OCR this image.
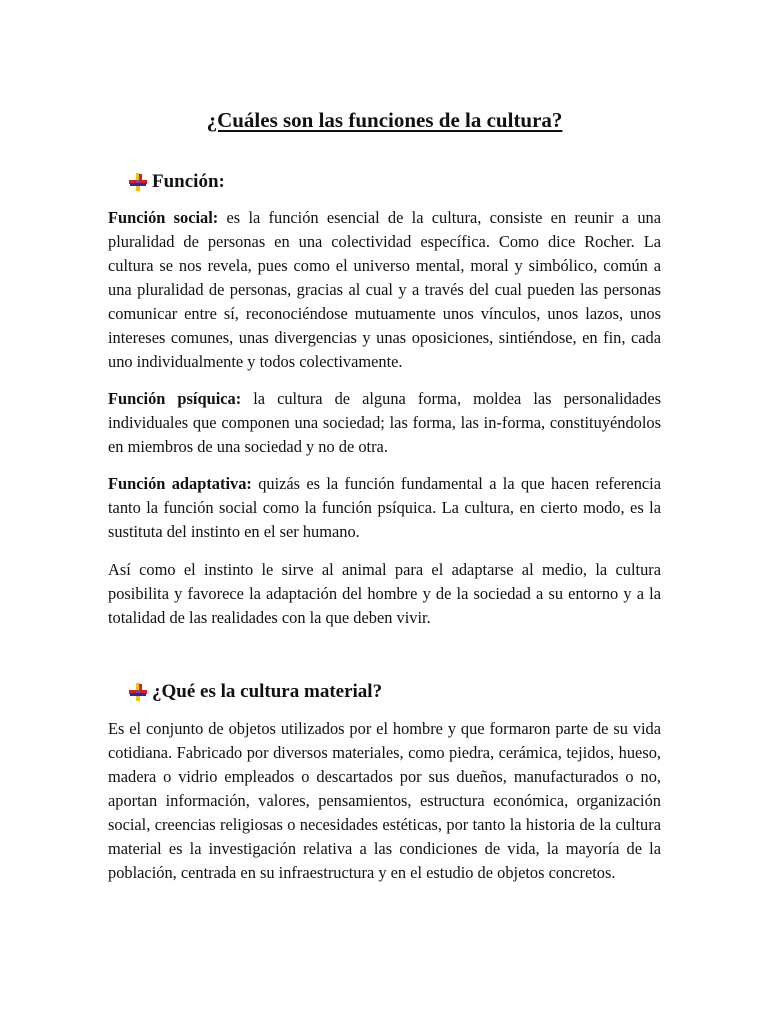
¿Cuáles son las funciones de la cultura?
Función:

Función social: es la función esencial de la cultura, consiste en reunir a una pluralidad de personas en una colectividad específica. Como dice Rocher. La cultura se nos revela, pues como el universo mental, moral y simbólico, común a una pluralidad de personas, gracias al cual y a través del cual pueden las personas comunicar entre sí, reconociéndose mutuamente unos vínculos, unos lazos, unos intereses comunes, unas divergencias y unas oposiciones, sintiéndose, en fin, cada uno individualmente y todos colectivamente.

Función psíquica: la cultura de alguna forma, moldea las personalidades individuales que componen una sociedad; las forma, las in-forma, constituyéndolos en miembros de una sociedad y no de otra.

Función adaptativa: quizás es la función fundamental a la que hacen referencia tanto la función social como la función psíquica. La cultura, en cierto modo, es la sustituta del instinto en el ser humano.

Así como el instinto le sirve al animal para el adaptarse al medio, la cultura posibilita y favorece la adaptación del hombre y de la sociedad a su entorno y a la totalidad de las realidades con la que deben vivir.

¿Qué es la cultura material?

Es el conjunto de objetos utilizados por el hombre y que formaron parte de su vida cotidiana. Fabricado por diversos materiales, como piedra, cerámica, tejidos, hueso, madera o vidrio empleados o descartados por sus dueños, manufacturados o no, aportan información, valores, pensamientos, estructura económica, organización social, creencias religiosas o necesidades estéticas, por tanto la historia de la cultura material es la investigación relativa a las condiciones de vida, la mayoría de la población, centrada en su infraestructura y en el estudio de objetos concretos.
